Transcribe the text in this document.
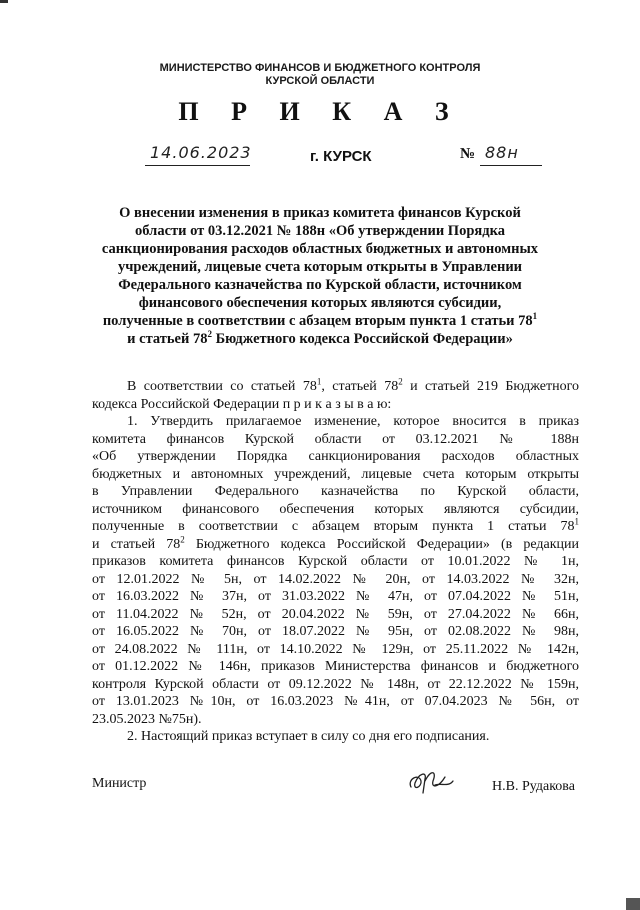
МИНИСТЕРСТВО ФИНАНСОВ И БЮДЖЕТНОГО КОНТРОЛЯ
КУРСКОЙ ОБЛАСТИ
П Р И К А З
14.06.2023	г. КУРСК	№ 88н
О внесении изменения в приказ комитета финансов Курской
области от 03.12.2021 № 188н «Об утверждении Порядка
санкционирования расходов областных бюджетных и автономных
учреждений, лицевые счета которым открыты в Управлении
Федерального казначейства по Курской области, источником
финансового обеспечения которых являются субсидии,
полученные в соответствии с абзацем вторым пункта 1 статьи $78^1$
и статьей $78^2$ Бюджетного кодекса Российской Федерации»
В соответствии со статьей $78^1$, статьей $78^2$ и статьей 219 Бюджетного
кодекса Российской Федерации п р и к а з ы в а ю:
1. Утвердить прилагаемое изменение, которое вносится в приказ
комитета финансов Курской области от 03.12.2021 № 188н
«Об утверждении Порядка санкционирования расходов областных
бюджетных и автономных учреждений, лицевые счета которым открыты
в Управлении Федерального казначейства по Курской области,
источником финансового обеспечения которых являются субсидии,
полученные в соответствии с абзацем вторым пункта 1 статьи $78^1$
и статьей $78^2$ Бюджетного кодекса Российской Федерации» (в редакции
приказов комитета финансов Курской области от 10.01.2022 № 1н,
от 12.01.2022 № 5н, от 14.02.2022 № 20н, от 14.03.2022 № 32н,
от 16.03.2022 № 37н, от 31.03.2022 № 47н, от 07.04.2022 № 51н,
от 11.04.2022 № 52н, от 20.04.2022 № 59н, от 27.04.2022 № 66н,
от 16.05.2022 № 70н, от 18.07.2022 № 95н, от 02.08.2022 № 98н,
от 24.08.2022 № 111н, от 14.10.2022 № 129н, от 25.11.2022 № 142н,
от 01.12.2022 № 146н, приказов Министерства финансов и бюджетного
контроля Курской области от 09.12.2022 № 148н, от 22.12.2022 № 159н,
от 13.01.2023 №10н, от 16.03.2023 №41н, от 07.04.2023 № 56н, от
23.05.2023 №75н).
2. Настоящий приказ вступает в силу со дня его подписания.
Министр	Н.В. Рудакова
